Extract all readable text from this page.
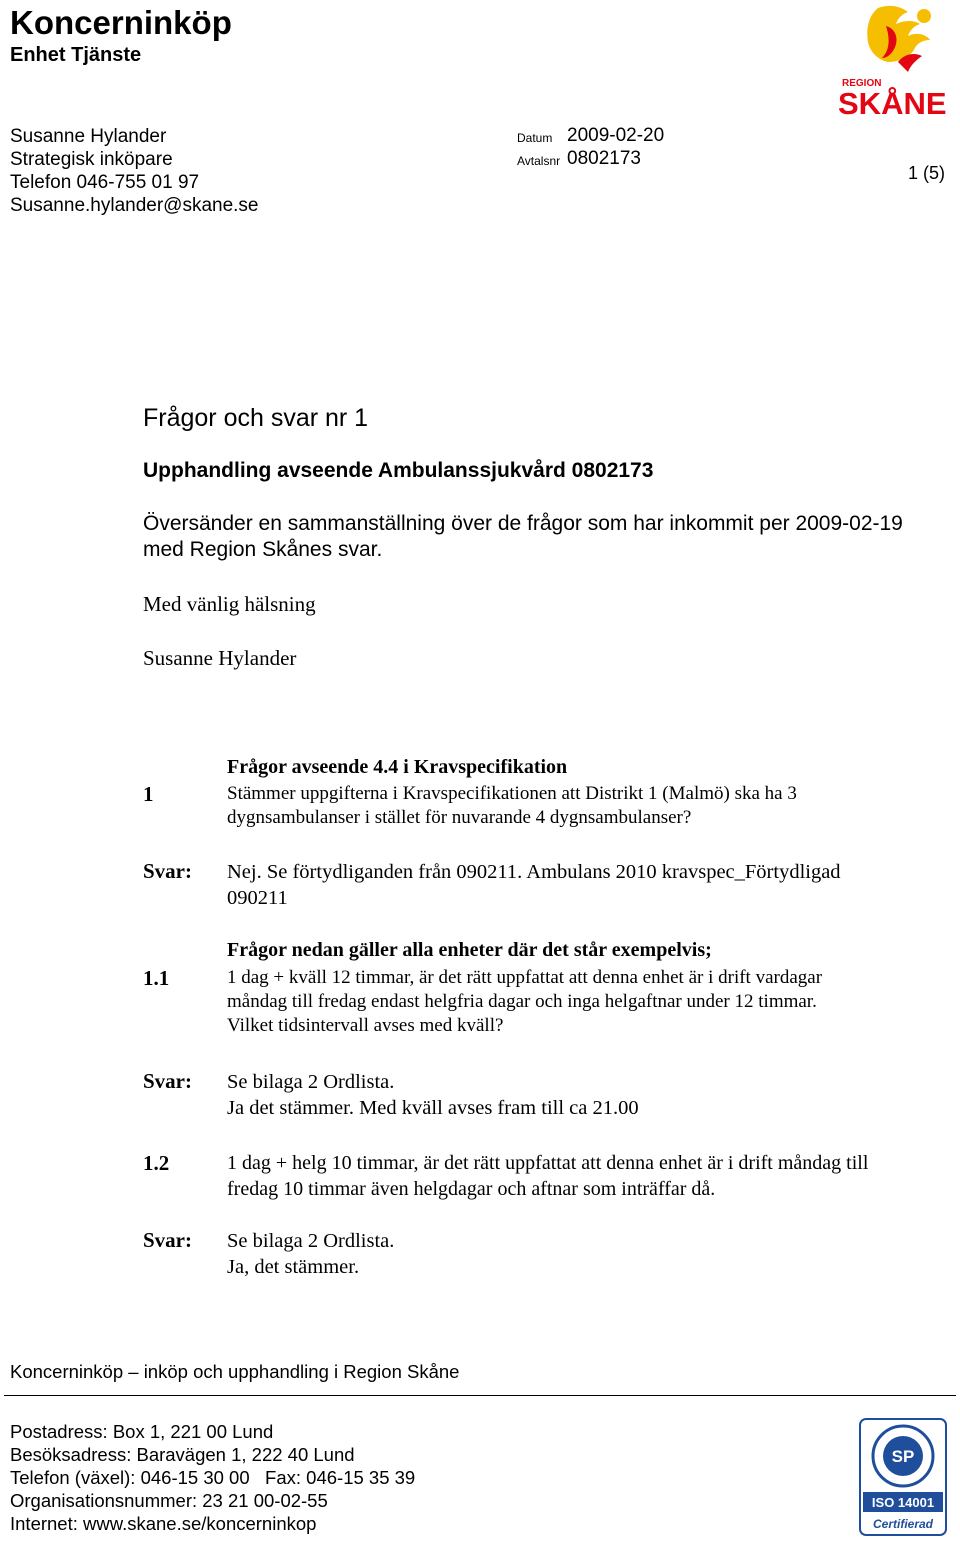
Koncerninköp
Enhet Tjänste
Susanne Hylander
Strategisk inköpare
Telefon 046-755 01 97
Susanne.hylander@skane.se
Datum 2009-02-20
Avtalsnr 0802173
REGION
SKÅNE
1 (5)
Frågor och svar nr 1
Upphandling avseende Ambulanssjukvård 0802173
Översänder en sammanställning över de frågor som har inkommit per 2009-02-19
med Region Skånes svar.
Med vänlig hälsning
Susanne Hylander
Frågor avseende 4.4 i Kravspecifikation
1	Stämmer uppgifterna i Kravspecifikationen att Distrikt 1 (Malmö) ska ha 3
dygnsambulanser i stället för nuvarande 4 dygnsambulanser?
Svar: Nej. Se förtydliganden från 090211. Ambulans 2010 kravspec_Förtydligad
090211
Frågor nedan gäller alla enheter där det står exempelvis;
1.1	1 dag + kväll 12 timmar, är det rätt uppfattat att denna enhet är i drift vardagar
måndag till fredag endast helgfria dagar och inga helgaftnar under 12 timmar.
Vilket tidsintervall avses med kväll?
Svar: Se bilaga 2 Ordlista.
Ja det stämmer. Med kväll avses fram till ca 21.00
1.2	1 dag + helg 10 timmar, är det rätt uppfattat att denna enhet är i drift måndag till
fredag 10 timmar även helgdagar och aftnar som inträffar då.
Svar: Se bilaga 2 Ordlista.
Ja, det stämmer.
Koncerninköp – inköp och upphandling i Region Skåne
Postadress: Box 1, 221 00 Lund
Besöksadress: Baravägen 1, 222 40 Lund
Telefon (växel): 046-15 30 00   Fax: 046-15 35 39
Organisationsnummer: 23 21 00-02-55
Internet: www.skane.se/koncerninkop
SP
ISO 14001
Certifierad
